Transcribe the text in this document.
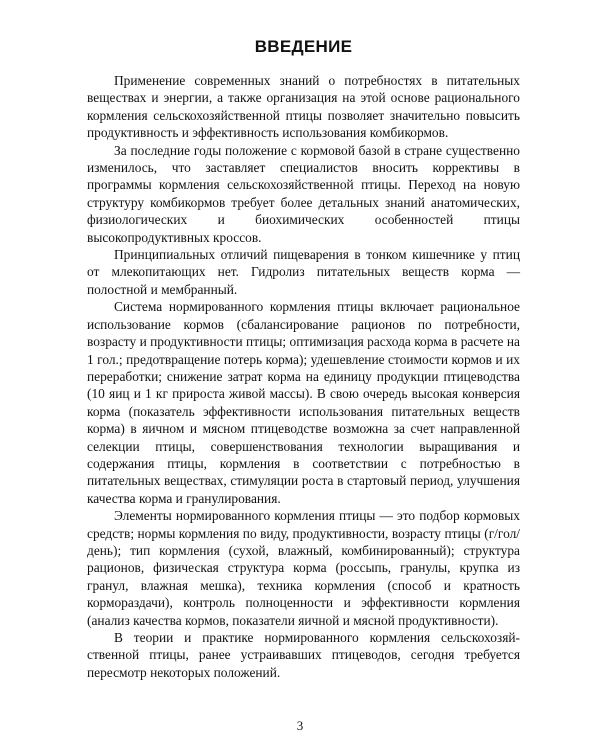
ВВЕДЕНИЕ

Применение современных знаний о потребностях в питательных веществах и энергии, а также организация на этой основе рационального кормления сельскохозяйственной птицы позволяет значительно повысить продуктивность и эффективность использования комбикормов.

За последние годы положение с кормовой базой в стране существенно изменилось, что заставляет специалистов вносить коррективы в программы кормления сельскохозяйственной птицы. Переход на новую структуру комбикормов требует более детальных знаний анатомических, физиологических и биохимических особенностей птицы высокопродуктивных кроссов.

Принципиальных отличий пищеварения в тонком кишечнике у птиц от млекопитающих нет. Гидролиз питательных веществ корма — полостной и мембранный.

Система нормированного кормления птицы включает рациональное использование кормов (сбалансирование рационов по потребности, возрасту и продуктивности птицы; оптимизация расхода корма в расчете на 1 гол.; предотвращение потерь корма); удешевление стоимости кормов и их переработки; снижение затрат корма на единицу продукции птицеводства (10 яиц и 1 кг прироста живой массы). В свою очередь высокая конверсия корма (показатель эффективности использования питательных веществ корма) в яичном и мясном птицеводстве возможна за счет направленной селекции птицы, совершенствования технологии выращивания и содержания птицы, кормления в соответствии с потребностью в питательных веществах, стимуляции роста в стартовый период, улучшения качества корма и гранулирования.

Элементы нормированного кормления птицы — это подбор кормовых средств; нормы кормления по виду, продуктивности, возрасту птицы (г/гол/день); тип кормления (сухой, влажный, комбинированный); структура рационов, физическая структура корма (россыпь, гранулы, крупка из гранул, влажная мешка), техника кормления (способ и кратность кормораздачи), контроль полноценности и эффективности кормления (анализ качества кормов, показатели яичной и мясной продуктивности).

В теории и практике нормированного кормления сельскохозяйственной птицы, ранее устраивавших птицеводов, сегодня требуется пересмотр некоторых положений.

3
